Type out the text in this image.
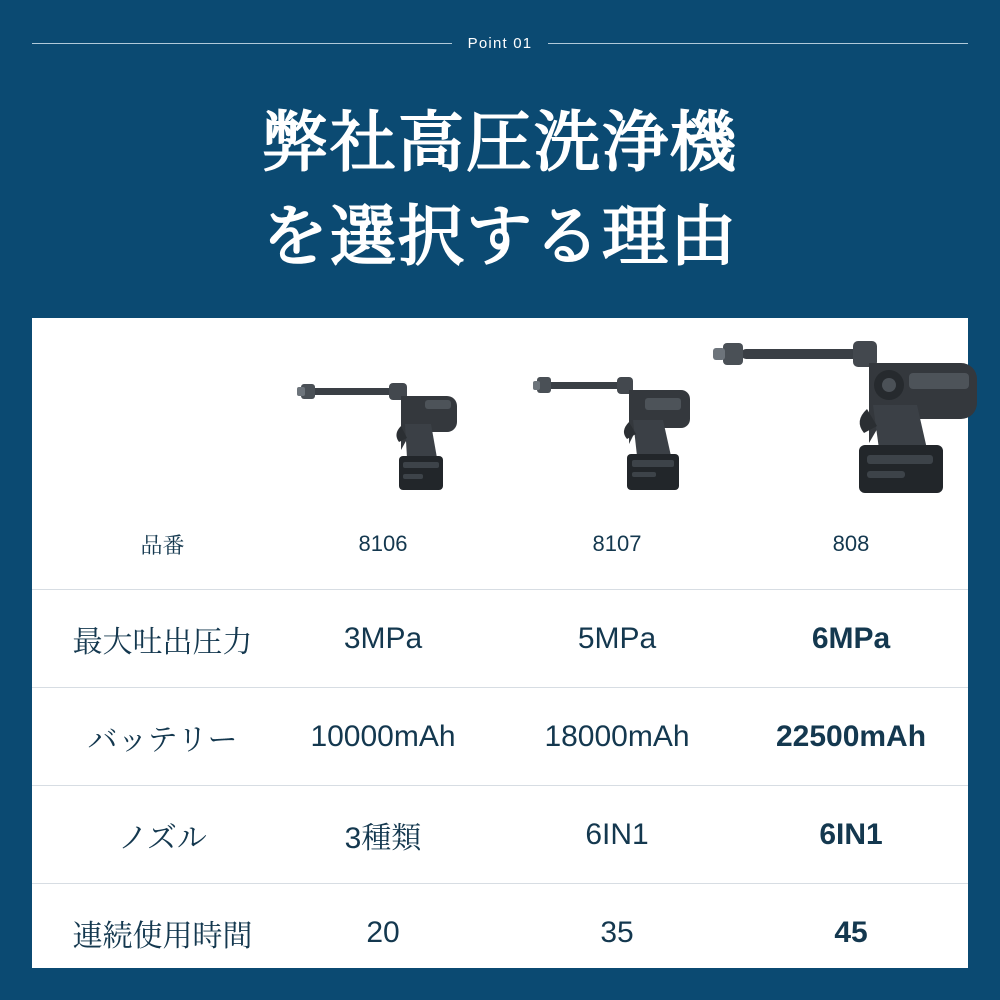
Point 01
弊社高圧洗浄機
を選択する理由

品番	8106	8107	808
最大吐出圧力	3MPa	5MPa	6MPa
バッテリー	10000mAh	18000mAh	22500mAh
ノズル	3種類	6IN1	6IN1
連続使用時間	20	35	45
